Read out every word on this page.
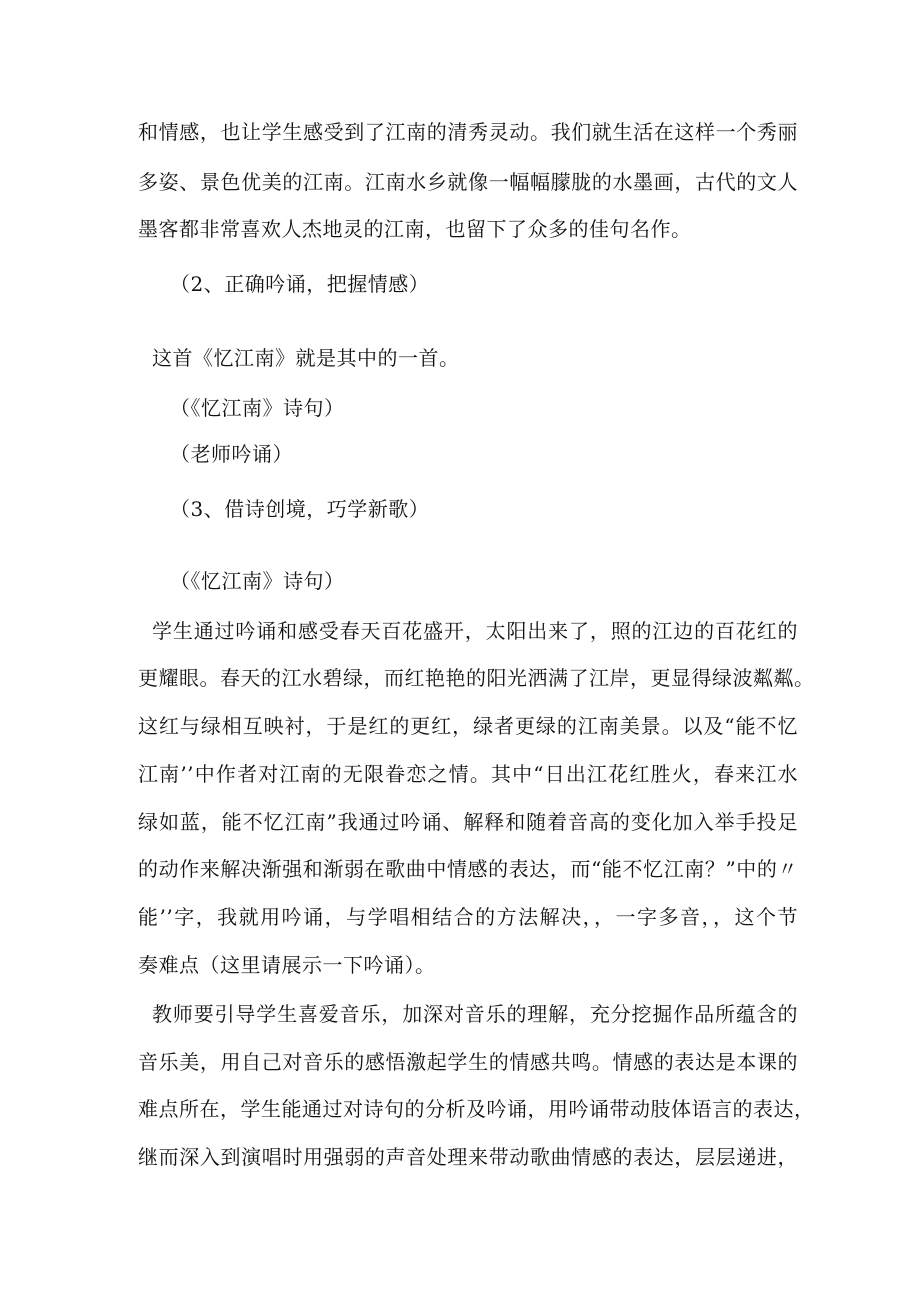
和情感，也让学生感受到了江南的清秀灵动。我们就生活在这样一个秀丽
多姿、景色优美的江南。江南水乡就像一幅幅朦胧的水墨画，古代的文人
墨客都非常喜欢人杰地灵的江南，也留下了众多的佳句名作。
（2、正确吟诵，把握情感）
这首《忆江南》就是其中的一首。
（《忆江南》诗句）
（老师吟诵）
（3、借诗创境，巧学新歌）
（《忆江南》诗句）
学生通过吟诵和感受春天百花盛开，太阳出来了，照的江边的百花红的
更耀眼。春天的江水碧绿，而红艳艳的阳光洒满了江岸，更显得绿波粼粼。
这红与绿相互映衬，于是红的更红，绿者更绿的江南美景。以及“能不忆
江南’’中作者对江南的无限眷恋之情。其中“日出江花红胜火，春来江水
绿如蓝，能不忆江南”我通过吟诵、解释和随着音高的变化加入举手投足
的动作来解决渐强和渐弱在歌曲中情感的表达，而“能不忆江南？”中的〃
能’’字，我就用吟诵，与学唱相结合的方法解决，，一字多音，，这个节
奏难点（这里请展示一下吟诵）。
教师要引导学生喜爱音乐，加深对音乐的理解，充分挖掘作品所蕴含的
音乐美，用自己对音乐的感悟激起学生的情感共鸣。情感的表达是本课的
难点所在，学生能通过对诗句的分析及吟诵，用吟诵带动肢体语言的表达，
继而深入到演唱时用强弱的声音处理来带动歌曲情感的表达，层层递进，
